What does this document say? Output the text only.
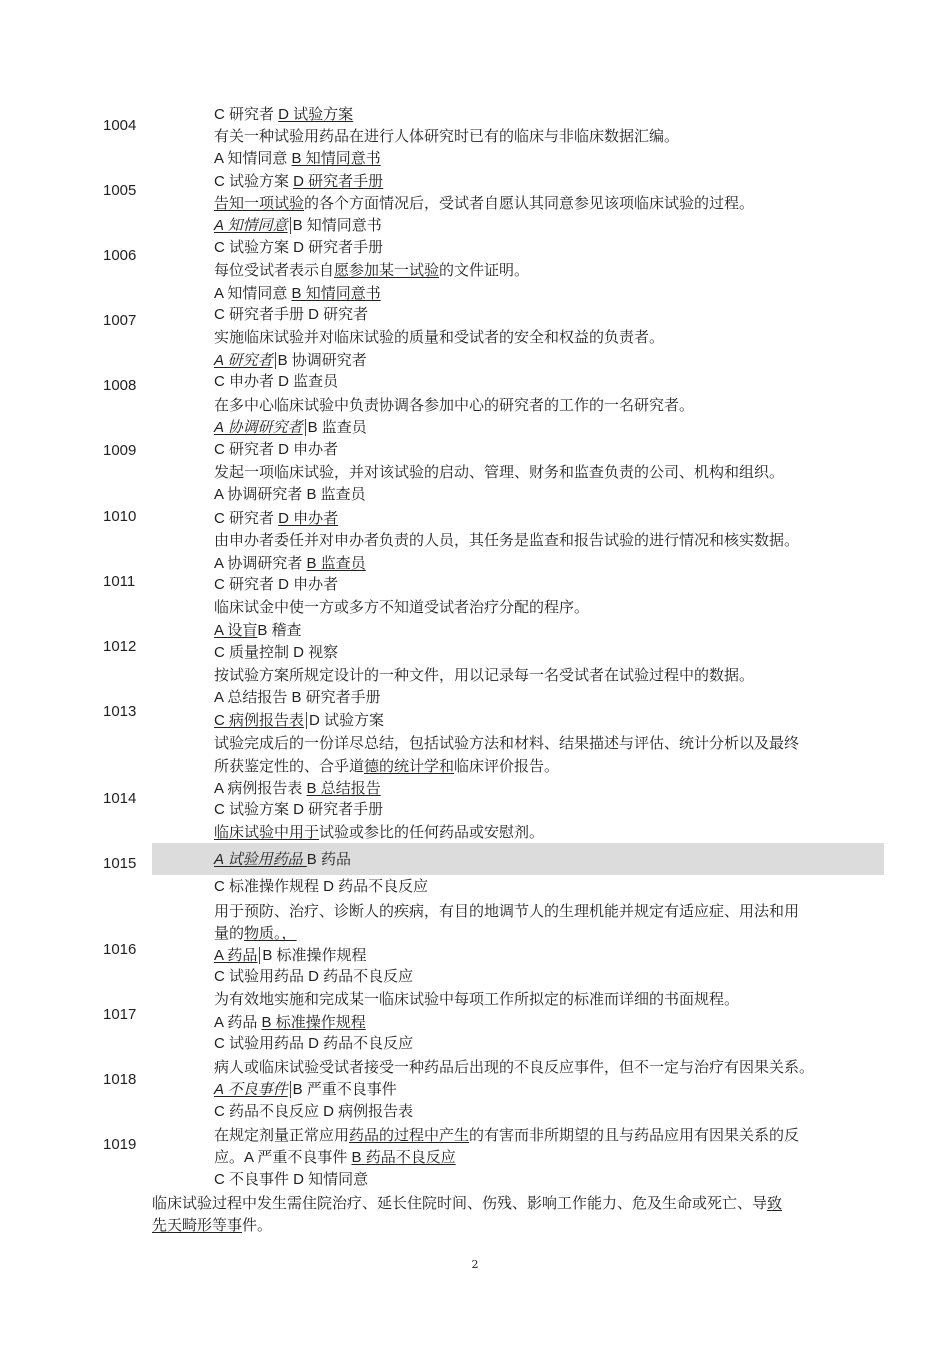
1004
1005
1006
1007
1008
1009
1010
1011
1012
1013
1014
1015
1016
1017
1018
1019
C 研究者 D 试验方案
有关一种试验用药品在进行人体研究时已有的临床与非临床数据汇编。
A 知情同意 B 知情同意书
C 试验方案 D 研究者手册
告知一项试验的各个方面情况后，受试者自愿认其同意参见该项临床试验的过程。
A 知情同意 B 知情同意书
C 试验方案 D 研究者手册
每位受试者表示自愿参加某一试验的文件证明。
A 知情同意 B 知情同意书
C 研究者手册 D 研究者
实施临床试验并对临床试验的质量和受试者的安全和权益的负责者。
A 研究者 B 协调研究者
C 申办者 D 监查员
在多中心临床试验中负责协调各参加中心的研究者的工作的一名研究者。
A 协调研究者 B 监查员
C 研究者 D 申办者
发起一项临床试验，并对该试验的启动、管理、财务和监查负责的公司、机构和组织。
A 协调研究者 B 监查员
C 研究者 D 申办者
由申办者委任并对申办者负责的人员，其任务是监查和报告试验的进行情况和核实数据。
A 协调研究者 B 监查员
C 研究者 D 申办者
临床试金中使一方或多方不知道受试者治疗分配的程序。
A 设盲B 稽查
C 质量控制 D 视察
按试验方案所规定设计的一种文件，用以记录每一名受试者在试验过程中的数据。
A 总结报告 B 研究者手册
C 病例报告表 D 试验方案
试验完成后的一份详尽总结，包括试验方法和材料、结果描述与评估、统计分析以及最终
所获鉴定性的、合乎道德的统计学和临床评价报告。
A 病例报告表 B 总结报告
C 试验方案 D 研究者手册
临床试验中用于试验或参比的任何药品或安慰剂。
A 试验用药品 B 药品
C 标准操作规程 D 药品不良反应
用于预防、治疗、诊断人的疾病，有目的地调节人的生理机能并规定有适应症、用法和用
量的物质。，
A 药品 B 标准操作规程
C 试验用药品 D 药品不良反应
为有效地实施和完成某一临床试验中每项工作所拟定的标准而详细的书面规程。
A 药品 B 标准操作规程
C 试验用药品 D 药品不良反应
病人或临床试验受试者接受一种药品后出现的不良反应事件，但不一定与治疗有因果关系。
A 不良事件 B 严重不良事件
C 药品不良反应 D 病例报告表
在规定剂量正常应用药品的过程中产生的有害而非所期望的且与药品应用有因果关系的反
应。A 严重不良事件 B 药品不良反应
C 不良事件 D 知情同意
临床试验过程中发生需住院治疗、延长住院时间、伤残、影响工作能力、危及生命或死亡、导致
先天畸形等事件。
2
